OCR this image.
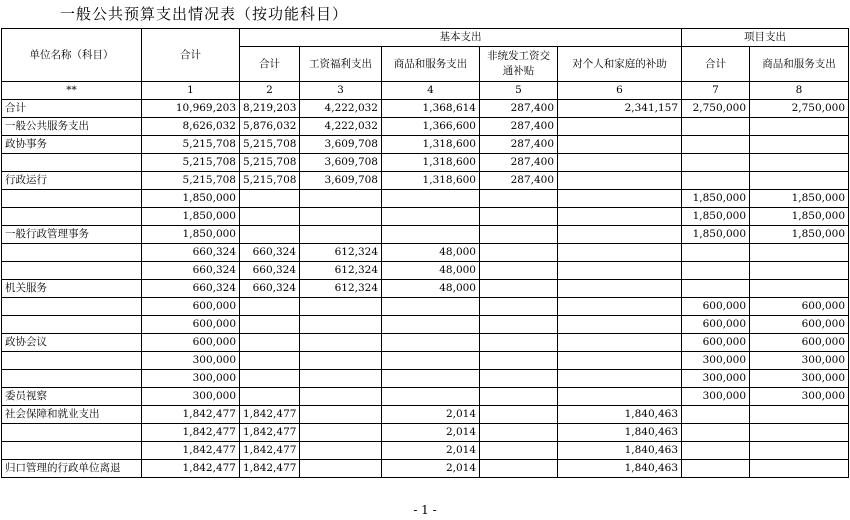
一般公共预算支出情况表（按功能科目）
单位名称（科目）	合计	基本支出					项目支出	
		合计	工资福利支出	商品和服务支出	非统发工资交通补贴	对个人和家庭的补助	合计	商品和服务支出

**	1	2	3	4	5	6	7	8
合计	10,969,203	8,219,203	4,222,032	1,368,614	287,400	2,341,157	2,750,000	2,750,000
一般公共服务支出	8,626,032	5,876,032	4,222,032	1,366,600	287,400			
政协事务	5,215,708	5,215,708	3,609,708	1,318,600	287,400			
	5,215,708	5,215,708	3,609,708	1,318,600	287,400			
行政运行	5,215,708	5,215,708	3,609,708	1,318,600	287,400			
	1,850,000						1,850,000	1,850,000
	1,850,000						1,850,000	1,850,000
一般行政管理事务	1,850,000						1,850,000	1,850,000
	660,324	660,324	612,324	48,000				
	660,324	660,324	612,324	48,000				
机关服务	660,324	660,324	612,324	48,000				
	600,000						600,000	600,000
	600,000						600,000	600,000
政协会议	600,000						600,000	600,000
	300,000						300,000	300,000
	300,000						300,000	300,000
委员视察	300,000						300,000	300,000
社会保障和就业支出	1,842,477	1,842,477		2,014		1,840,463		
	1,842,477	1,842,477		2,014		1,840,463		
	1,842,477	1,842,477		2,014		1,840,463		
归口管理的行政单位离退	1,842,477	1,842,477		2,014		1,840,463		
- 1 -
